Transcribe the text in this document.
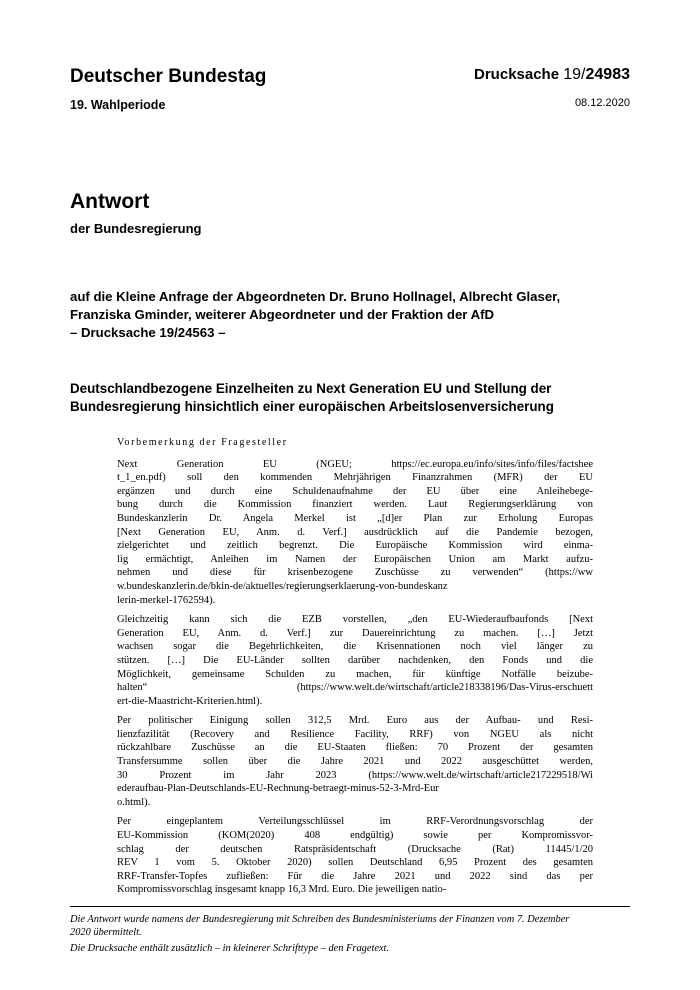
Deutscher Bundestag
19. Wahlperiode
Drucksache 19/24983
08.12.2020
Antwort
der Bundesregierung
auf die Kleine Anfrage der Abgeordneten Dr. Bruno Hollnagel, Albrecht Glaser,
Franziska Gminder, weiterer Abgeordneter und der Fraktion der AfD
– Drucksache 19/24563 –
Deutschlandbezogene Einzelheiten zu Next Generation EU und Stellung der
Bundesregierung hinsichtlich einer europäischen Arbeitslosenversicherung
Vorbemerkung der Fragesteller
Next Generation EU (NGEU; https://ec.europa.eu/info/sites/info/files/factshee
t_1_en.pdf) soll den kommenden Mehrjährigen Finanzrahmen (MFR) der EU
ergänzen und durch eine Schuldenaufnahme der EU über eine Anleihebege-
bung durch die Kommission finanziert werden. Laut Regierungserklärung von
Bundeskanzlerin Dr. Angela Merkel ist „[d]er Plan zur Erholung Europas
[Next Generation EU, Anm. d. Verf.] ausdrücklich auf die Pandemie bezogen,
zielgerichtet und zeitlich begrenzt. Die Europäische Kommission wird einma-
lig ermächtigt, Anleihen im Namen der Europäischen Union am Markt aufzu-
nehmen und diese für krisenbezogene Zuschüsse zu verwenden“ (https://ww
w.bundeskanzlerin.de/bkin-de/aktuelles/regierungserklaerung-von-bundeskanz
lerin-merkel-1762594).
Gleichzeitig kann sich die EZB vorstellen, „den EU-Wiederaufbaufonds [Next
Generation EU, Anm. d. Verf.] zur Dauereinrichtung zu machen. […] Jetzt
wachsen sogar die Begehrlichkeiten, die Krisennationen noch viel länger zu
stützen. […] Die EU-Länder sollten darüber nachdenken, den Fonds und die
Möglichkeit, gemeinsame Schulden zu machen, für künftige Notfälle beizube-
halten“ (https://www.welt.de/wirtschaft/article218338196/Das-Virus-erschuett
ert-die-Maastricht-Kriterien.html).
Per politischer Einigung sollen 312,5 Mrd. Euro aus der Aufbau- und Resi-
lienzfazilität (Recovery and Resilience Facility, RRF) von NGEU als nicht
rückzahlbare Zuschüsse an die EU-Staaten fließen: 70 Prozent der gesamten
Transfersumme sollen über die Jahre 2021 und 2022 ausgeschüttet werden,
30 Prozent im Jahr 2023 (https://www.welt.de/wirtschaft/article217229518/Wi
ederaufbau-Plan-Deutschlands-EU-Rechnung-betraegt-minus-52-3-Mrd-Eur
o.html).
Per eingeplantem Verteilungsschlüssel im RRF-Verordnungsvorschlag der
EU-Kommission (KOM(2020) 408 endgültig) sowie per Kompromissvor-
schlag der deutschen Ratspräsidentschaft (Drucksache (Rat) 11445/1/20
REV 1 vom 5. Oktober 2020) sollen Deutschland 6,95 Prozent des gesamten
RRF-Transfer-Topfes zufließen: Für die Jahre 2021 und 2022 sind das per
Kompromissvorschlag insgesamt knapp 16,3 Mrd. Euro. Die jeweiligen natio-
Die Antwort wurde namens der Bundesregierung mit Schreiben des Bundesministeriums der Finanzen vom 7. Dezember
2020 übermittelt.
Die Drucksache enthält zusätzlich – in kleinerer Schrifttype – den Fragetext.
